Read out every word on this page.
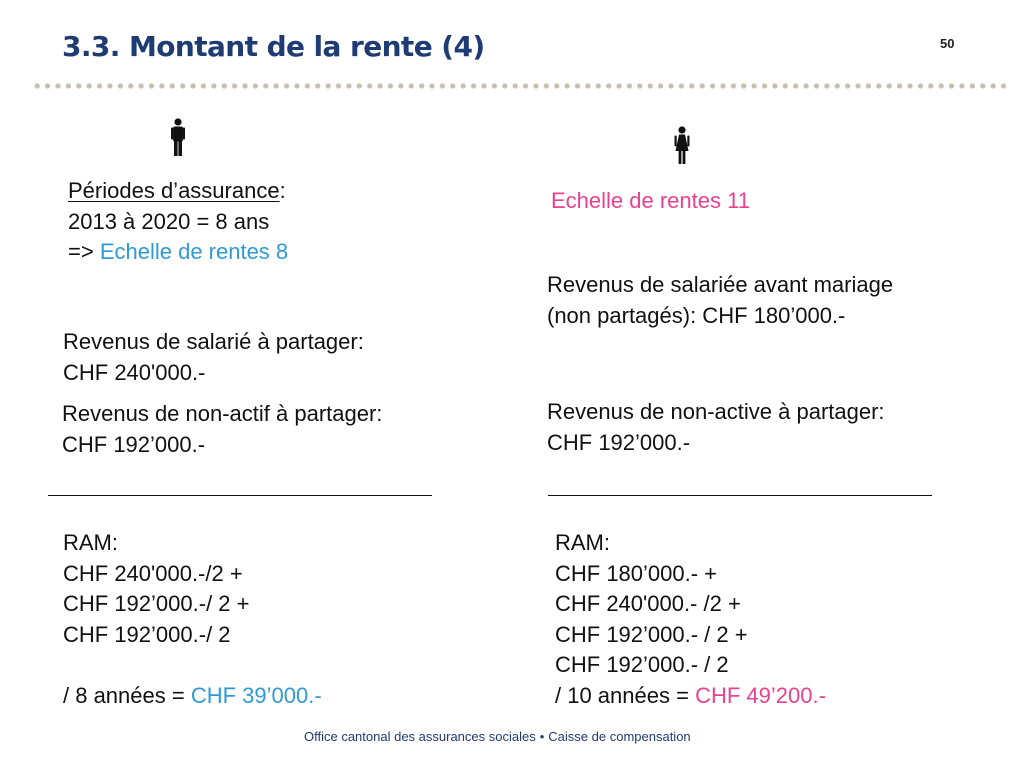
3.3. Montant de la rente (4)	50
Périodes d’assurance:
2013 à 2020 = 8 ans
=> Echelle de rentes 8
Echelle de rentes 11
Revenus de salariée avant mariage
(non partagés): CHF 180’000.-
Revenus de salarié à partager:
CHF 240'000.-
Revenus de non-actif à partager:
CHF 192’000.-
Revenus de non-active à partager:
CHF 192’000.-
RAM:
CHF 240'000.-/2 +
CHF 192’000.-/ 2 +
CHF 192’000.-/ 2
/ 8 années = CHF 39’000.-
RAM:
CHF 180’000.- +
CHF 240'000.- /2 +
CHF 192’000.- / 2 +
CHF 192’000.- / 2
/ 10 années = CHF 49’200.-
Office cantonal des assurances sociales • Caisse de compensation
